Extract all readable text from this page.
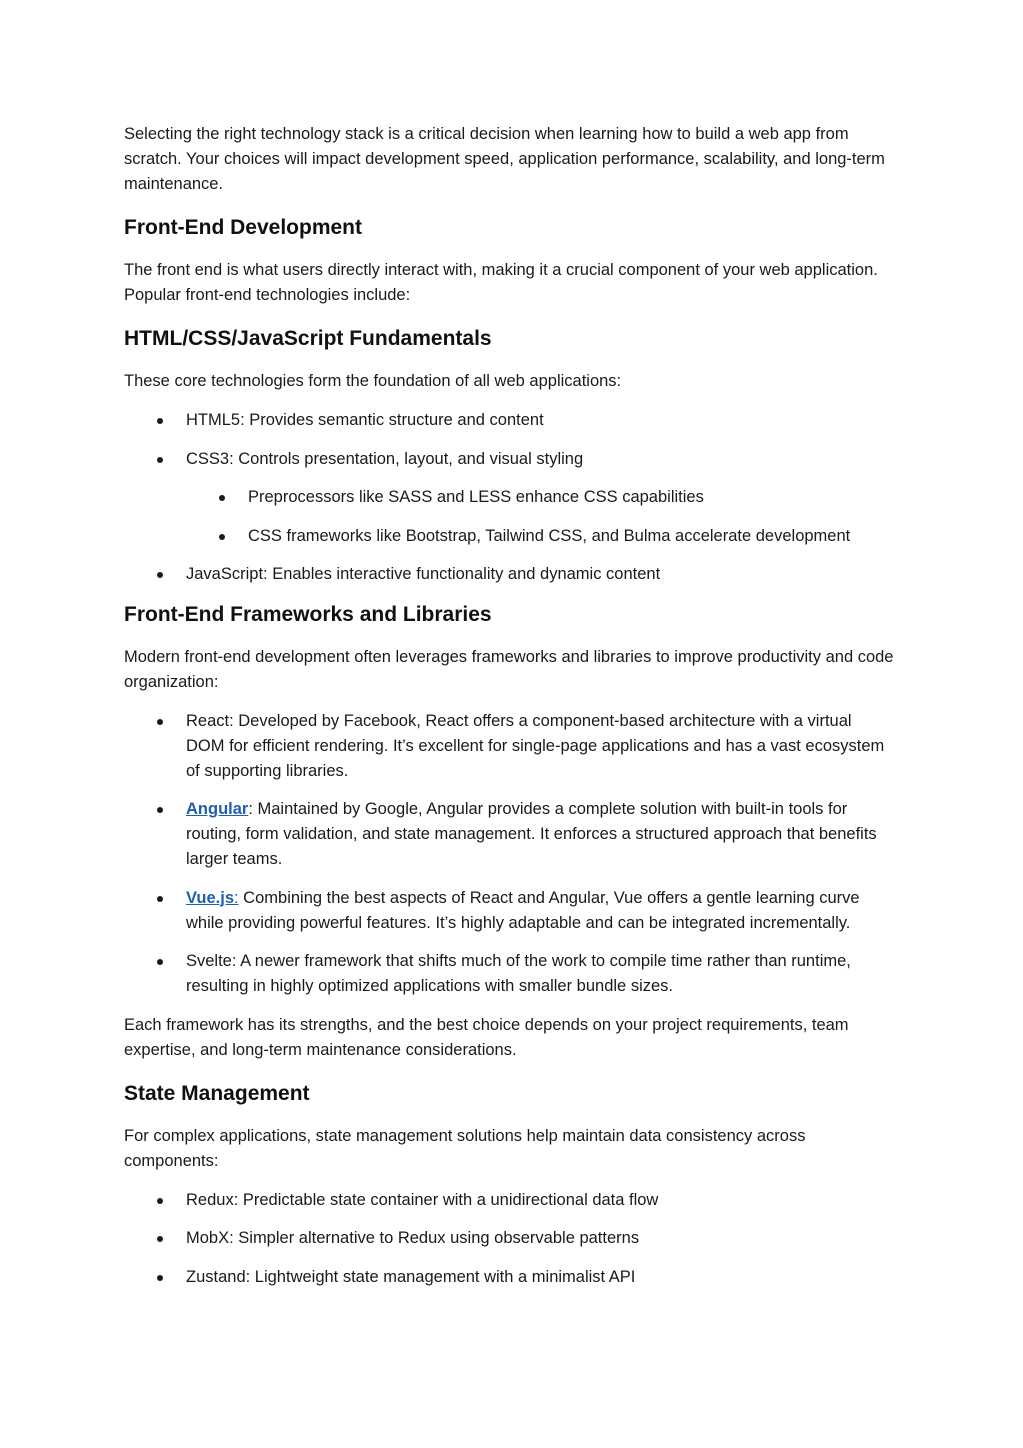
Selecting the right technology stack is a critical decision when learning how to build a web app from scratch. Your choices will impact development speed, application performance, scalability, and long-term maintenance.

Front-End Development

The front end is what users directly interact with, making it a crucial component of your web application. Popular front-end technologies include:

HTML/CSS/JavaScript Fundamentals

These core technologies form the foundation of all web applications:

HTML5: Provides semantic structure and content
CSS3: Controls presentation, layout, and visual styling
Preprocessors like SASS and LESS enhance CSS capabilities
CSS frameworks like Bootstrap, Tailwind CSS, and Bulma accelerate development
JavaScript: Enables interactive functionality and dynamic content
Front-End Frameworks and Libraries

Modern front-end development often leverages frameworks and libraries to improve productivity and code organization:

React: Developed by Facebook, React offers a component-based architecture with a virtual DOM for efficient rendering. It’s excellent for single-page applications and has a vast ecosystem of supporting libraries.
Angular: Maintained by Google, Angular provides a complete solution with built-in tools for routing, form validation, and state management. It enforces a structured approach that benefits larger teams.
Vue.js: Combining the best aspects of React and Angular, Vue offers a gentle learning curve while providing powerful features. It’s highly adaptable and can be integrated incrementally.
Svelte: A newer framework that shifts much of the work to compile time rather than runtime, resulting in highly optimized applications with smaller bundle sizes.

Each framework has its strengths, and the best choice depends on your project requirements, team expertise, and long-term maintenance considerations.

State Management

For complex applications, state management solutions help maintain data consistency across components:

Redux: Predictable state container with a unidirectional data flow
MobX: Simpler alternative to Redux using observable patterns
Zustand: Lightweight state management with a minimalist API
